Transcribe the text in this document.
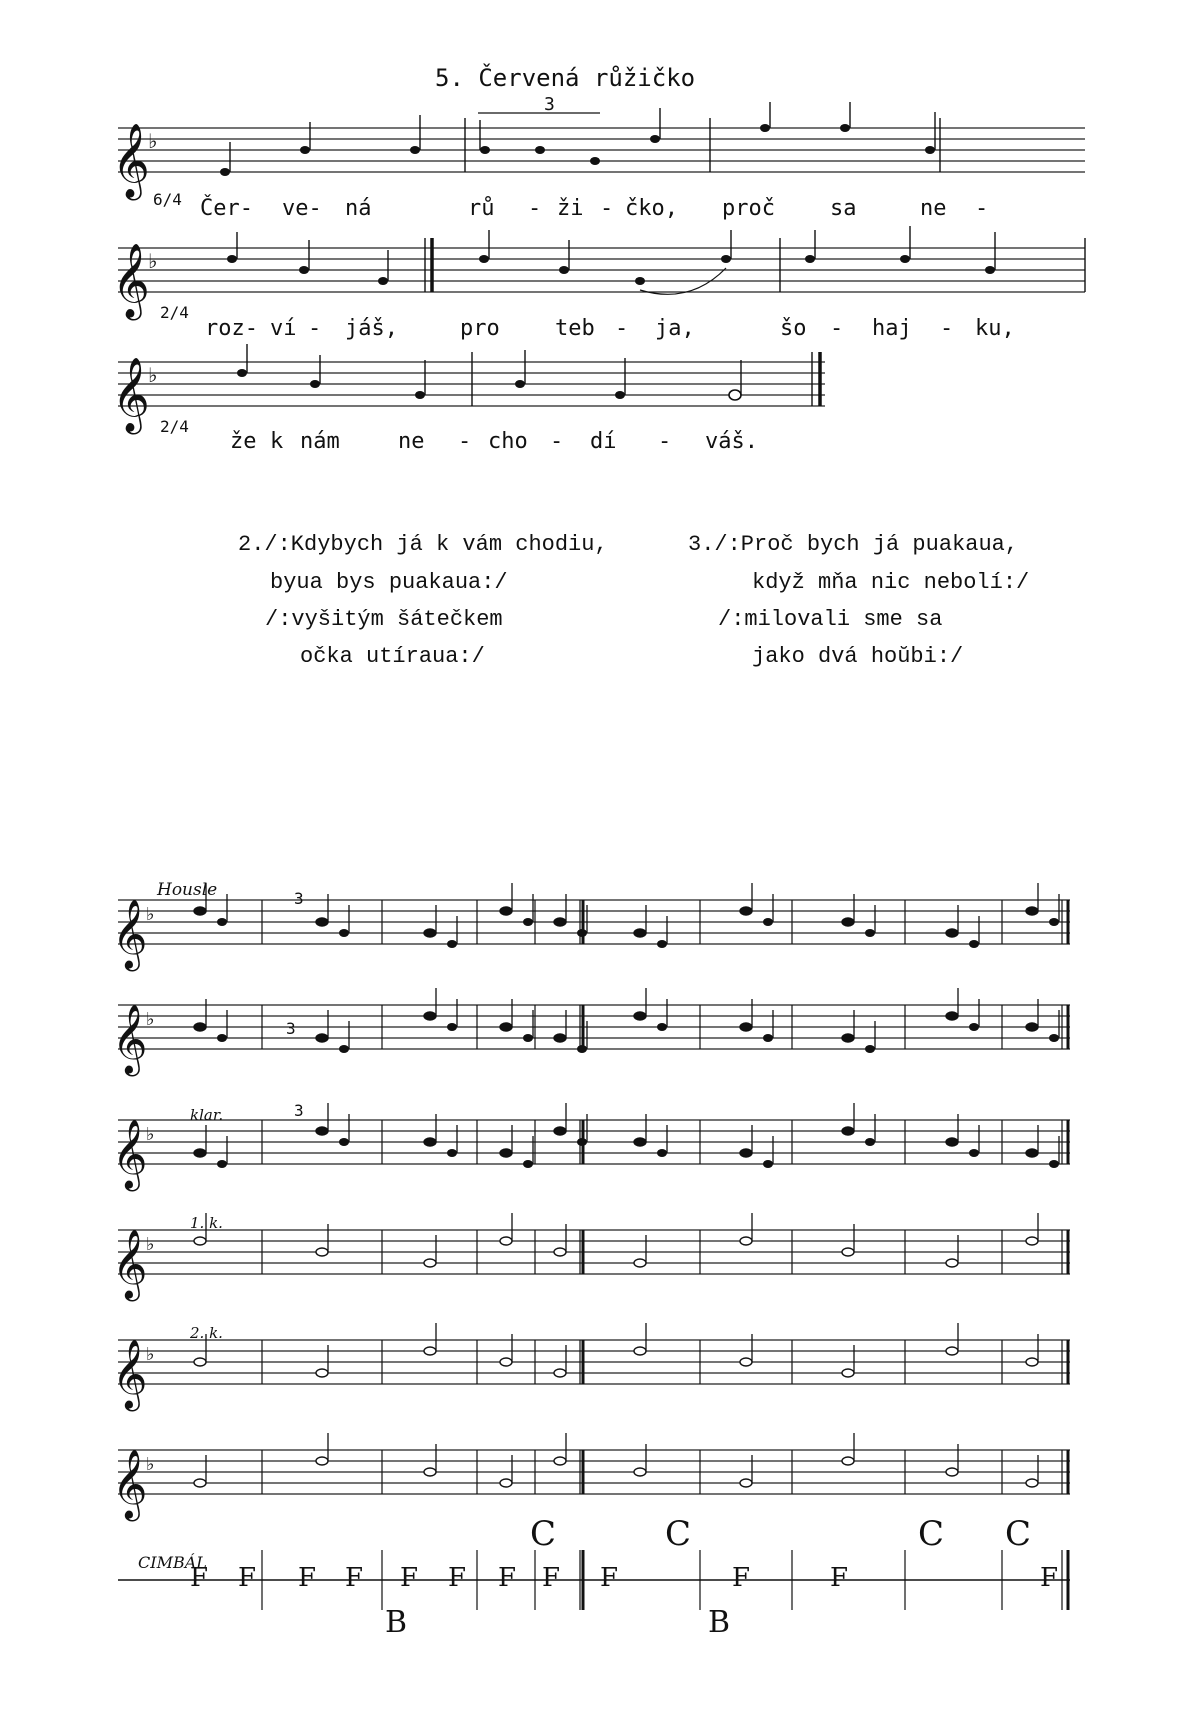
5. Červená růžičko
𝄞
♭
6/4
3
Čer- ve- ná	rů - ži - čko, proč	sa	ne -
𝄞
♭
2/4
roz- ví - jáš,	pro	teb - ja,	šo - haj - ku,
𝄞
♭
2/4
že k nám	ne - cho - dí - váš.
2./:Kdybych já k vám chodiu,
byua bys puakaua:/
/:vyšitým šátečkem
očka utíraua:/
3./:Proč bych já puakaua,
když mňa nic nebolí:/
/:milovali sme sa
jako dvá hoŭbi:/
𝄞
♭
𝄞
♭
𝄞
♭
𝄞
♭
𝄞
♭
𝄞
♭
Housle
klar.
1. k.
2. k.
CIMBÁL
3
3
3
F F F F F F F
C
F F
C
F	F
C C
F
B	B
